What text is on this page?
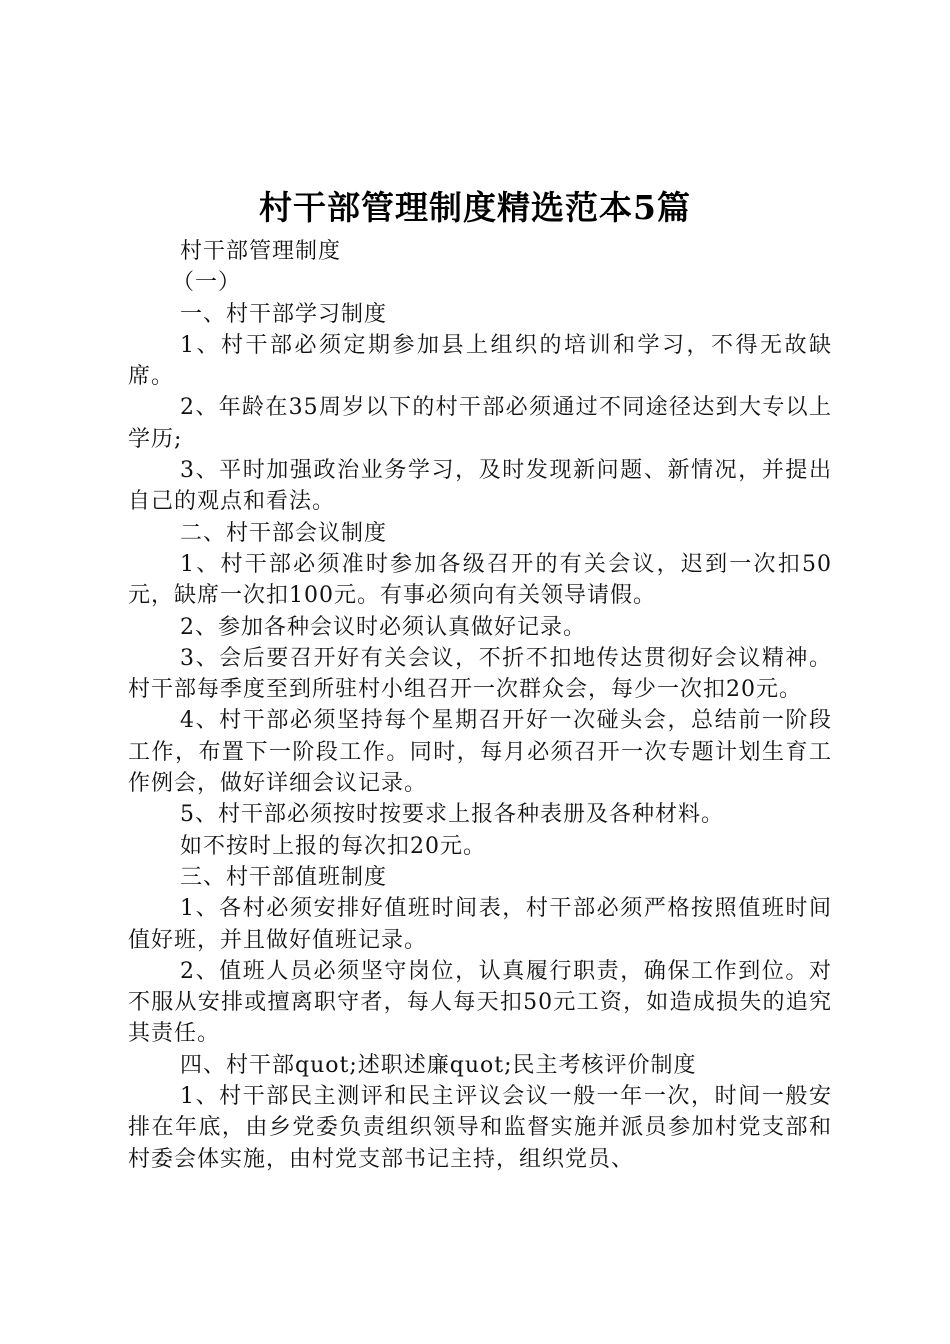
村干部管理制度精选范本5篇

村干部管理制度

（一）

一、村干部学习制度

1、村干部必须定期参加县上组织的培训和学习，不得无故缺席。

2、年龄在35周岁以下的村干部必须通过不同途径达到大专以上学历;

3、平时加强政治业务学习，及时发现新问题、新情况，并提出自己的观点和看法。

二、村干部会议制度

1、村干部必须准时参加各级召开的有关会议，迟到一次扣50元，缺席一次扣100元。有事必须向有关领导请假。

2、参加各种会议时必须认真做好记录。

3、会后要召开好有关会议，不折不扣地传达贯彻好会议精神。村干部每季度至到所驻村小组召开一次群众会，每少一次扣20元。

4、村干部必须坚持每个星期召开好一次碰头会，总结前一阶段工作，布置下一阶段工作。同时，每月必须召开一次专题计划生育工作例会，做好详细会议记录。

5、村干部必须按时按要求上报各种表册及各种材料。

如不按时上报的每次扣20元。

三、村干部值班制度

1、各村必须安排好值班时间表，村干部必须严格按照值班时间值好班，并且做好值班记录。

2、值班人员必须坚守岗位，认真履行职责，确保工作到位。对不服从安排或擅离职守者，每人每天扣50元工资，如造成损失的追究其责任。

四、村干部quot;述职述廉quot;民主考核评价制度

1、村干部民主测评和民主评议会议一般一年一次，时间一般安排在年底，由乡党委负责组织领导和监督实施并派员参加村党支部和村委会体实施，由村党支部书记主持，组织党员、
